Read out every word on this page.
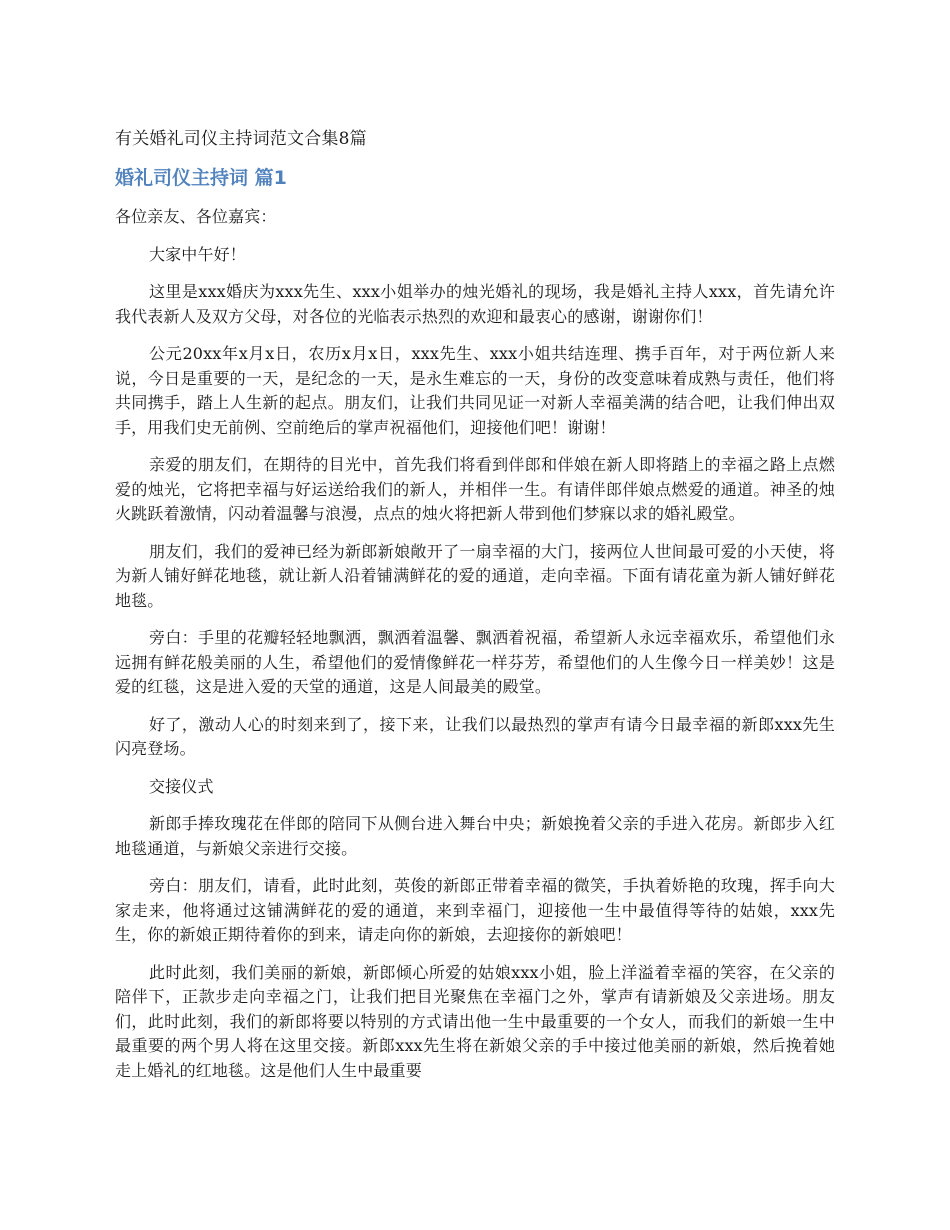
有关婚礼司仪主持词范文合集8篇
婚礼司仪主持词 篇1

各位亲友、各位嘉宾：

大家中午好！

这里是xxx婚庆为xxx先生、xxx小姐举办的烛光婚礼的现场，我是婚礼主持人xxx，首先请允许我代表新人及双方父母，对各位的光临表示热烈的欢迎和最衷心的感谢，谢谢你们！

公元20xx年x月x日，农历x月x日，xxx先生、xxx小姐共结连理、携手百年，对于两位新人来说，今日是重要的一天，是纪念的一天，是永生难忘的一天，身份的改变意味着成熟与责任，他们将共同携手，踏上人生新的起点。朋友们，让我们共同见证一对新人幸福美满的结合吧，让我们伸出双手，用我们史无前例、空前绝后的掌声祝福他们，迎接他们吧！谢谢！

亲爱的朋友们，在期待的目光中，首先我们将看到伴郎和伴娘在新人即将踏上的幸福之路上点燃爱的烛光，它将把幸福与好运送给我们的新人，并相伴一生。有请伴郎伴娘点燃爱的通道。神圣的烛火跳跃着激情，闪动着温馨与浪漫，点点的烛火将把新人带到他们梦寐以求的婚礼殿堂。

朋友们，我们的爱神已经为新郎新娘敞开了一扇幸福的大门，接两位人世间最可爱的小天使，将为新人铺好鲜花地毯，就让新人沿着铺满鲜花的爱的通道，走向幸福。下面有请花童为新人铺好鲜花地毯。

旁白：手里的花瓣轻轻地飘洒，飘洒着温馨、飘洒着祝福，希望新人永远幸福欢乐，希望他们永远拥有鲜花般美丽的人生，希望他们的爱情像鲜花一样芬芳，希望他们的人生像今日一样美妙！这是爱的红毯，这是进入爱的天堂的通道，这是人间最美的殿堂。

好了，激动人心的时刻来到了，接下来，让我们以最热烈的掌声有请今日最幸福的新郎xxx先生闪亮登场。

交接仪式

新郎手捧玫瑰花在伴郎的陪同下从侧台进入舞台中央；新娘挽着父亲的手进入花房。新郎步入红地毯通道，与新娘父亲进行交接。

旁白：朋友们，请看，此时此刻，英俊的新郎正带着幸福的微笑，手执着娇艳的玫瑰，挥手向大家走来，他将通过这铺满鲜花的爱的通道，来到幸福门，迎接他一生中最值得等待的姑娘，xxx先生，你的新娘正期待着你的到来，请走向你的新娘，去迎接你的新娘吧！

此时此刻，我们美丽的新娘，新郎倾心所爱的姑娘xxx小姐，脸上洋溢着幸福的笑容，在父亲的陪伴下，正款步走向幸福之门，让我们把目光聚焦在幸福门之外，掌声有请新娘及父亲进场。朋友们，此时此刻，我们的新郎将要以特别的方式请出他一生中最重要的一个女人，而我们的新娘一生中最重要的两个男人将在这里交接。新郎xxx先生将在新娘父亲的手中接过他美丽的新娘，然后挽着她走上婚礼的红地毯。这是他们人生中最重要
